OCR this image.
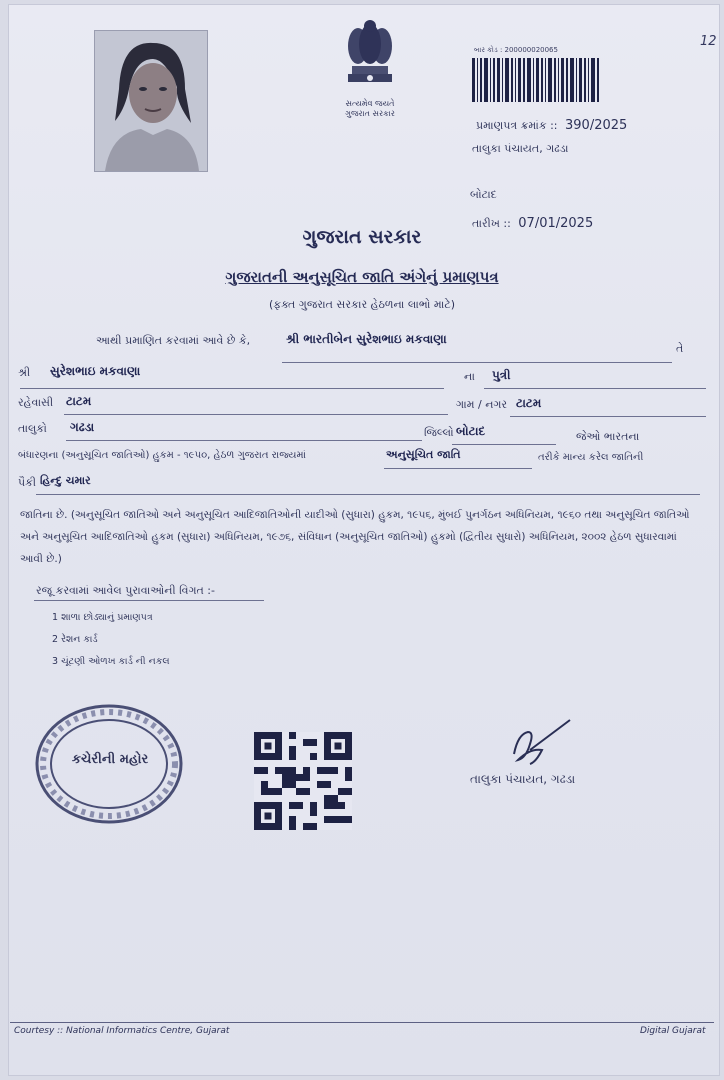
સત્યમેવ જયતે
ગુજરાત સરકાર
બાર કોડ : 200000020065
12
પ્રમાણપત્ર ક્રમાંક :: 390/2025
તાલુકા પંચાયત, ગઢડા
બોટાદ
તારીખ :: 07/01/2025
ગુજરાત સરકાર
ગુજરાતની અનુસૂચિત જાતિ અંગેનું પ્રમાણપત્ર
(ફક્ત ગુજરાત સરકાર હેઠળના લાભો માટે)
આથી પ્રમાણિત કરવામાં આવે છે કે,	શ્રી ભારતીબેન સુરેશભાઇ મકવાણા
તે
શ્રી સુરેશભાઇ મકવાણા	ના પુત્રી
રહેવાસી ટાટમ	ગામ / નગર ટાટમ
તાલુકો ગઢડા	જિલ્લો બોટાદ	જેઓ ભારતના
બંધારણના (અનુસૂચિત જાતિઓ) હુકમ - ૧૯૫૦, હેઠળ ગુજરાત રાજ્યમાં	અનુસૂચિત જાતિ	તરીકે માન્ય કરેલ જાતિની
પૈકી હિન્દુ ચમાર
જાતિના છે. (અનુસૂચિત જાતિઓ અને અનુસૂચિત આદિજાતિઓની યાદીઓ (સુધારા) હુકમ, ૧૯૫૬, મુંબઈ પુનર્ગઠન અધિનિયમ, ૧૯૬૦ તથા અનુસૂચિત જાતિઓ અને અનુસૂચિત આદિજાતિઓ હુકમ (સુધારા) અધિનિયમ, ૧૯૭૬, સંવિધાન (અનુસૂચિત જાતિઓ) હુકમો (દ્વિતીય સુધારો) અધિનિયમ, ૨૦૦૨ હેઠળ સુધારવામાં આવી છે.)
રજૂ કરવામાં આવેલ પુરાવાઓની વિગત :-
1 શાળા છોડ્યાનું પ્રમાણપત્ર
2 રેશન કાર્ડ
3 ચૂંટણી ઓળખ કાર્ડ ની નકલ
કચેરીની મહોર
તાલુકા પંચાયત, ગઢડા
Courtesy :: National Informatics Centre, Gujarat	Digital Gujarat
